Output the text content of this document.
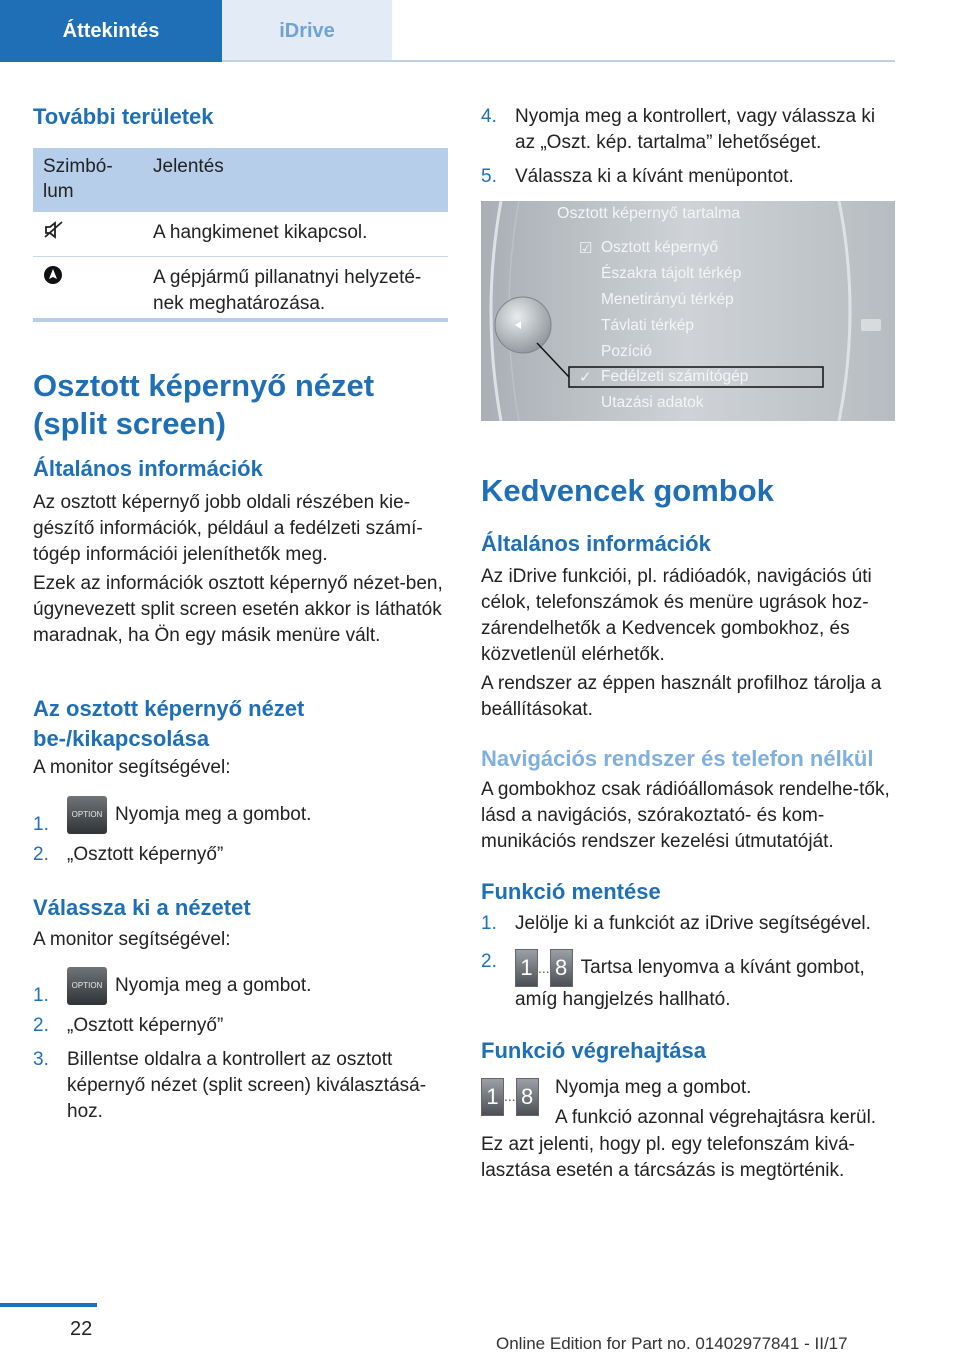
Áttekintés	iDrive
További területek
Szimbó-lum	Jelentés
	A hangkimenet kikapcsol.
	A gépjármű pillanatnyi helyzeté-nek meghatározása.
Osztott képernyő nézet (split screen)
Általános információk

Az osztott képernyő jobb oldali részében kie-gészítő információk, például a fedélzeti számí-tógép információi jeleníthetők meg.

Ezek az információk osztott képernyő nézet-ben, úgynevezett split screen esetén akkor is láthatók maradnak, ha Ön egy másik menüre vált.

Az osztott képernyő nézet be-/kikapcsolása

A monitor segítségével:

1.	OPTION Nyomja meg a gombot.
2. „Osztott képernyő”
Válassza ki a nézetet

A monitor segítségével:

1.	OPTION Nyomja meg a gombot.
2. „Osztott képernyő”
3. Billentse oldalra a kontrollert az osztott képernyő nézet (split screen) kiválasztásá-hoz.
4. Nyomja meg a kontrollert, vagy válassza ki az „Oszt. kép. tartalma” lehetőséget.
5. Válassza ki a kívánt menüpontot.
Osztott képernyő tartalma
☑ Osztott képernyő
Északra tájolt térkép
Menetirányú térkép
Távlati térkép
Pozíció
✓ Fedélzeti számítógép
Utazási adatok
Kedvencek gombok
Általános információk

Az iDrive funkciói, pl. rádióadók, navigációs úti célok, telefonszámok és menüre ugrások hoz-zárendelhetők a Kedvencek gombokhoz, és közvetlenül elérhetők.

A rendszer az éppen használt profilhoz tárolja a beállításokat.

Navigációs rendszer és telefon nélkül

A gombokhoz csak rádióállomások rendelhe-tők, lásd a navigációs, szórakoztató- és kom-munikációs rendszer kezelési útmutatóját.

Funkció mentése
1. Jelölje ki a funkciót az iDrive segítségével.
2. 1 ... 8 Tartsa lenyomva a kívánt gombot, amíg hangjelzés hallható.
Funkció végrehajtása
1 ... 8	Nyomja meg a gombot.

A funkció azonnal végrehajtásra kerül.

Ez azt jelenti, hogy pl. egy telefonszám kivá-lasztása esetén a tárcsázás is megtörténik.

22
Online Edition for Part no. 01402977841 - II/17
